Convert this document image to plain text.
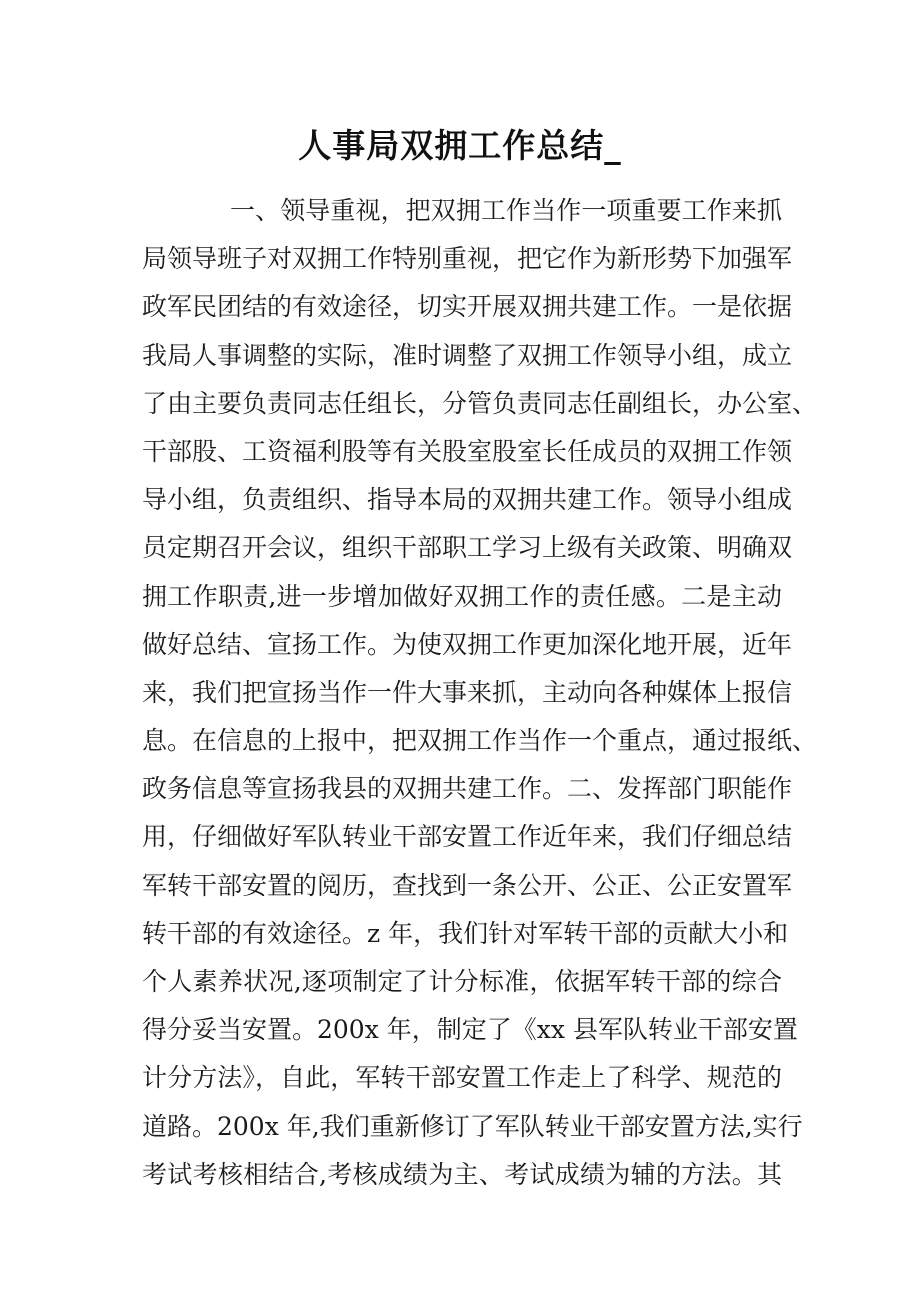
人事局双拥工作总结_
一、领导重视，把双拥工作当作一项重要工作来抓
局领导班子对双拥工作特别重视，把它作为新形势下加强军
政军民团结的有效途径，切实开展双拥共建工作。一是依据
我局人事调整的实际，准时调整了双拥工作领导小组，成立
了由主要负责同志任组长，分管负责同志任副组长，办公室、
干部股、工资福利股等有关股室股室长任成员的双拥工作领
导小组，负责组织、指导本局的双拥共建工作。领导小组成
员定期召开会议，组织干部职工学习上级有关政策、明确双
拥工作职责,进一步增加做好双拥工作的责任感。二是主动
做好总结、宣扬工作。为使双拥工作更加深化地开展，近年
来，我们把宣扬当作一件大事来抓，主动向各种媒体上报信
息。在信息的上报中，把双拥工作当作一个重点，通过报纸、
政务信息等宣扬我县的双拥共建工作。二、发挥部门职能作
用，仔细做好军队转业干部安置工作近年来，我们仔细总结
军转干部安置的阅历，查找到一条公开、公正、公正安置军
转干部的有效途径。z 年，我们针对军转干部的贡献大小和
个人素养状况,逐项制定了计分标准，依据军转干部的综合
得分妥当安置。200x 年，制定了《xx 县军队转业干部安置
计分方法》，自此，军转干部安置工作走上了科学、规范的
道路。200x 年,我们重新修订了军队转业干部安置方法,实行
考试考核相结合,考核成绩为主、考试成绩为辅的方法。其
